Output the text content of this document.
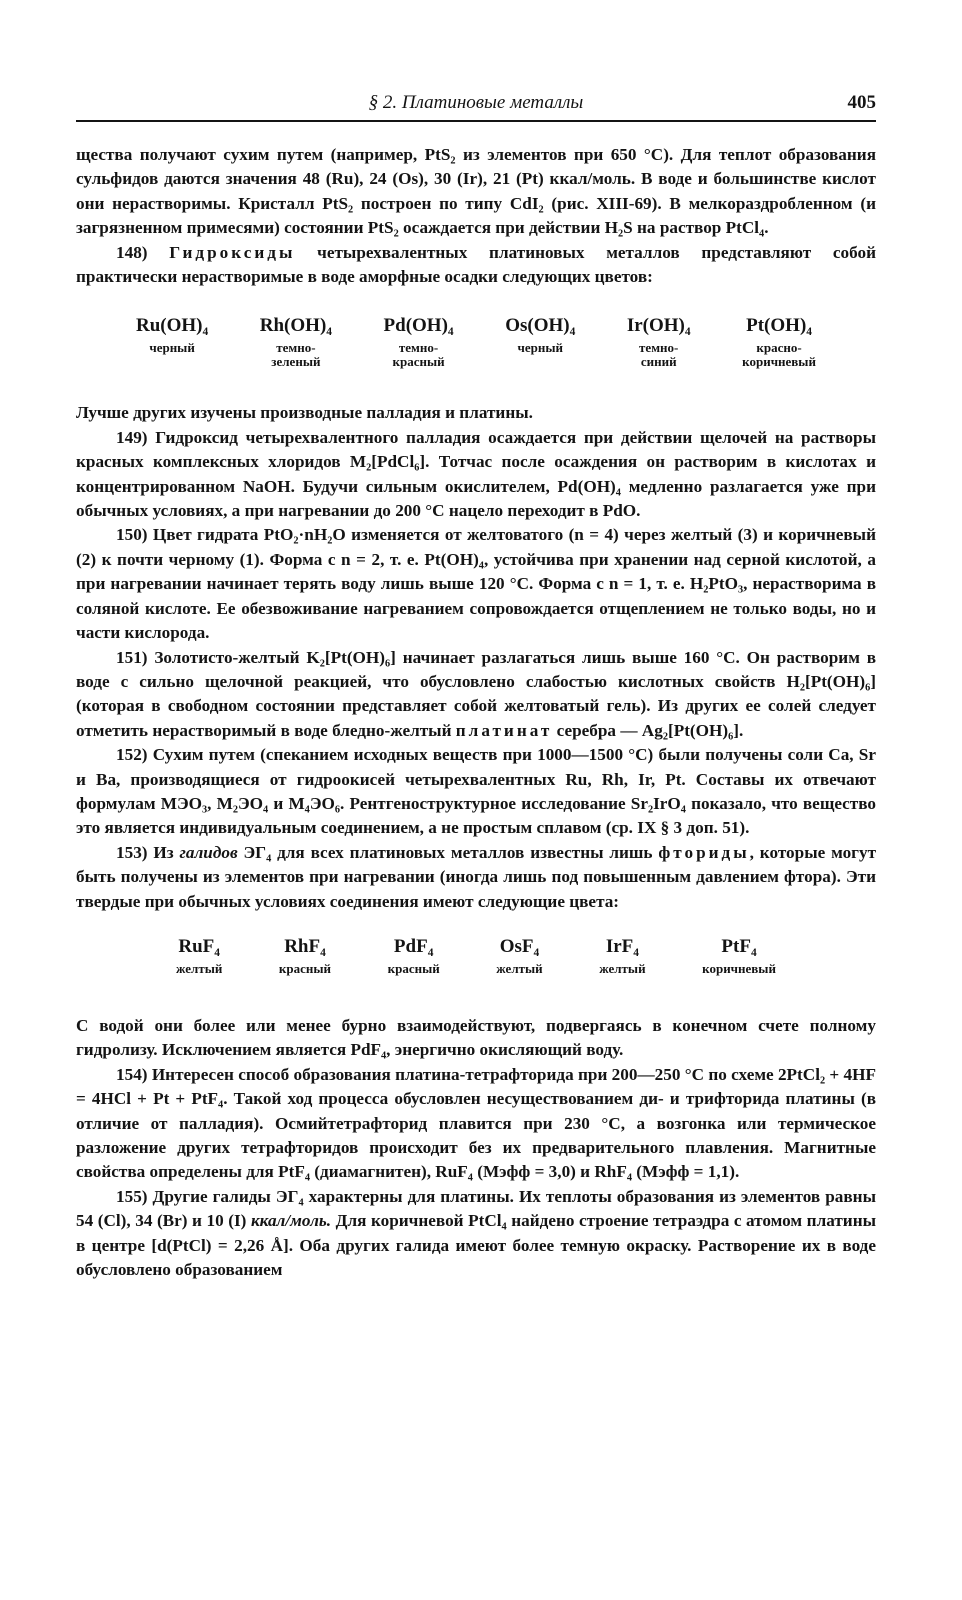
§ 2. Платиновые металлы	405

щества получают сухим путем (например, PtS₂ из элементов при 650 °С). Для теплот образования сульфидов даются значения 48 (Ru), 24 (Os), 30 (Ir), 21 (Pt) ккал/моль. В воде и большинстве кислот они нерастворимы. Кристалл PtS₂ построен по типу CdI₂ (рис. XIII-69). В мелкораздробленном (и загрязненном примесями) состоянии PtS₂ осаждается при действии H₂S на раствор PtCl₄.

148) Гидроксиды четырехвалентных платиновых металлов представляют собой практически нерастворимые в воде аморфные осадки следующих цветов:

Ru(OH)₄
черный
Rh(OH)₄
темно-
зеленый
Pd(OH)₄
темно-
красный
Os(OH)₄
черный
Ir(OH)₄
темно-
синий
Pt(OH)₄
красно-
коричневый

Лучше других изучены производные палладия и платины.

149) Гидроксид четырехвалентного палладия осаждается при действии щелочей на растворы красных комплексных хлоридов M₂[PdCl₆]. Тотчас после осаждения он растворим в кислотах и концентрированном NaOH. Будучи сильным окислителем, Pd(OH)₄ медленно разлагается уже при обычных условиях, а при нагревании до 200 °С нацело переходит в PdO.

150) Цвет гидрата PtO₂·nH₂O изменяется от желтоватого (n = 4) через желтый (3) и коричневый (2) к почти черному (1). Форма с n = 2, т. е. Pt(OH)₄, устойчива при хранении над серной кислотой, а при нагревании начинает терять воду лишь выше 120 °С. Форма с n = 1, т. е. H₂PtO₃, нерастворима в соляной кислоте. Ее обезвоживание нагреванием сопровождается отщеплением не только воды, но и части кислорода.

151) Золотисто-желтый K₂[Pt(OH)₆] начинает разлагаться лишь выше 160 °С. Он растворим в воде с сильно щелочной реакцией, что обусловлено слабостью кислотных свойств H₂[Pt(OH)₆] (которая в свободном состоянии представляет собой желтоватый гель). Из других ее солей следует отметить нерастворимый в воде бледно-желтый платинат серебра — Ag₂[Pt(OH)₆].

152) Сухим путем (спеканием исходных веществ при 1000—1500 °С) были получены соли Ca, Sr и Ba, производящиеся от гидроокисей четырехвалентных Ru, Rh, Ir, Pt. Составы их отвечают формулам MЭO₃, M₂ЭO₄ и M₄ЭO₆. Рентгеноструктурное исследование Sr₂IrO₄ показало, что вещество это является индивидуальным соединением, а не простым сплавом (ср. IX § 3 доп. 51).

153) Из галидов ЭГ₄ для всех платиновых металлов известны лишь фториды, которые могут быть получены из элементов при нагревании (иногда лишь под повышенным давлением фтора). Эти твердые при обычных условиях соединения имеют следующие цвета:

RuF₄
желтый
RhF₄
красный
PdF₄
красный
OsF₄
желтый
IrF₄
желтый
PtF₄
коричневый

С водой они более или менее бурно взаимодействуют, подвергаясь в конечном счете полному гидролизу. Исключением является PdF₄, энергично окисляющий воду.

154) Интересен способ образования платина-тетрафторида при 200—250 °С по схеме 2PtCl₂ + 4HF = 4HCl + Pt + PtF₄. Такой ход процесса обусловлен несуществованием ди- и трифторида платины (в отличие от палладия). Осмийтетрафторид плавится при 230 °С, а возгонка или термическое разложение других тетрафторидов происходит без их предварительного плавления. Магнитные свойства определены для PtF₄ (диамагнитен), RuF₄ (Mэфф = 3,0) и RhF₄ (Mэфф = 1,1).

155) Другие галиды ЭГ₄ характерны для платины. Их теплоты образования из элементов равны 54 (Cl), 34 (Br) и 10 (I) ккал/моль. Для коричневой PtCl₄ найдено строение тетраэдра с атомом платины в центре [d(PtCl) = 2,26 Å]. Оба других галида имеют более темную окраску. Растворение их в воде обусловлено образованием
